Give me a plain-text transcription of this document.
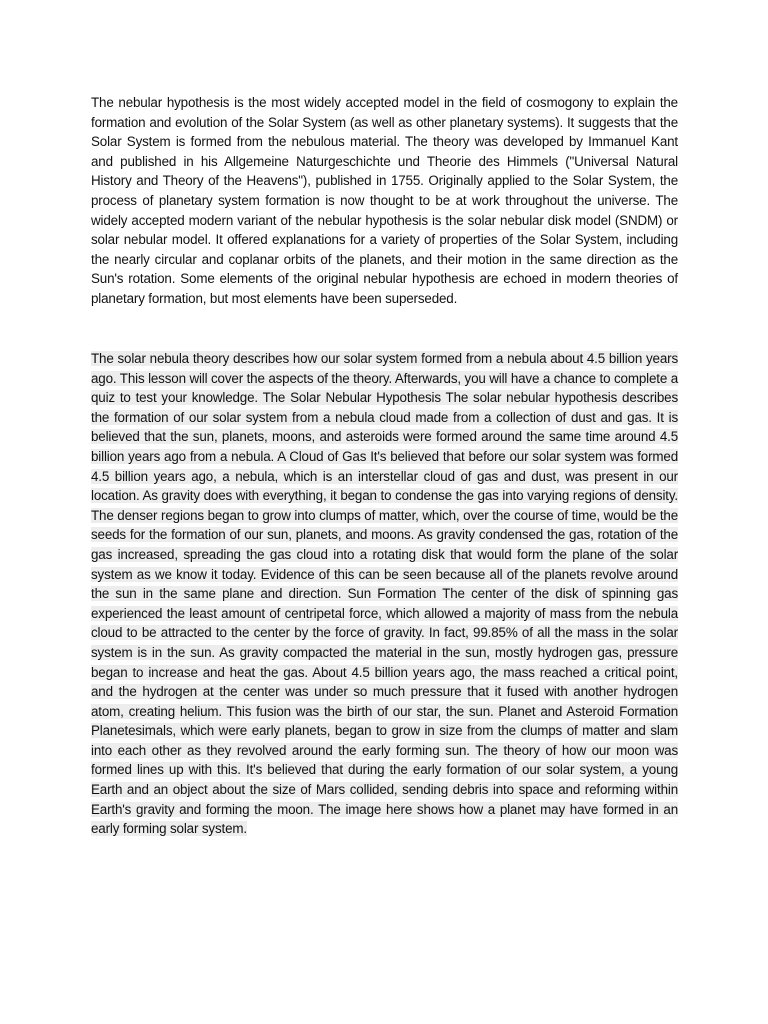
The nebular hypothesis is the most widely accepted model in the field of cosmogony to explain the formation and evolution of the Solar System (as well as other planetary systems). It suggests that the Solar System is formed from the nebulous material. The theory was developed by Immanuel Kant and published in his Allgemeine Naturgeschichte und Theorie des Himmels ("Universal Natural History and Theory of the Heavens"), published in 1755. Originally applied to the Solar System, the process of planetary system formation is now thought to be at work throughout the universe. The widely accepted modern variant of the nebular hypothesis is the solar nebular disk model (SNDM) or solar nebular model. It offered explanations for a variety of properties of the Solar System, including the nearly circular and coplanar orbits of the planets, and their motion in the same direction as the Sun's rotation. Some elements of the original nebular hypothesis are echoed in modern theories of planetary formation, but most elements have been superseded.

The solar nebula theory describes how our solar system formed from a nebula about 4.5 billion years ago. This lesson will cover the aspects of the theory. Afterwards, you will have a chance to complete a quiz to test your knowledge. The Solar Nebular Hypothesis The solar nebular hypothesis describes the formation of our solar system from a nebula cloud made from a collection of dust and gas. It is believed that the sun, planets, moons, and asteroids were formed around the same time around 4.5 billion years ago from a nebula. A Cloud of Gas It's believed that before our solar system was formed 4.5 billion years ago, a nebula, which is an interstellar cloud of gas and dust, was present in our location. As gravity does with everything, it began to condense the gas into varying regions of density. The denser regions began to grow into clumps of matter, which, over the course of time, would be the seeds for the formation of our sun, planets, and moons. As gravity condensed the gas, rotation of the gas increased, spreading the gas cloud into a rotating disk that would form the plane of the solar system as we know it today. Evidence of this can be seen because all of the planets revolve around the sun in the same plane and direction. Sun Formation The center of the disk of spinning gas experienced the least amount of centripetal force, which allowed a majority of mass from the nebula cloud to be attracted to the center by the force of gravity. In fact, 99.85% of all the mass in the solar system is in the sun. As gravity compacted the material in the sun, mostly hydrogen gas, pressure began to increase and heat the gas. About 4.5 billion years ago, the mass reached a critical point, and the hydrogen at the center was under so much pressure that it fused with another hydrogen atom, creating helium. This fusion was the birth of our star, the sun. Planet and Asteroid Formation Planetesimals, which were early planets, began to grow in size from the clumps of matter and slam into each other as they revolved around the early forming sun. The theory of how our moon was formed lines up with this. It's believed that during the early formation of our solar system, a young Earth and an object about the size of Mars collided, sending debris into space and reforming within Earth's gravity and forming the moon. The image here shows how a planet may have formed in an early forming solar system.
